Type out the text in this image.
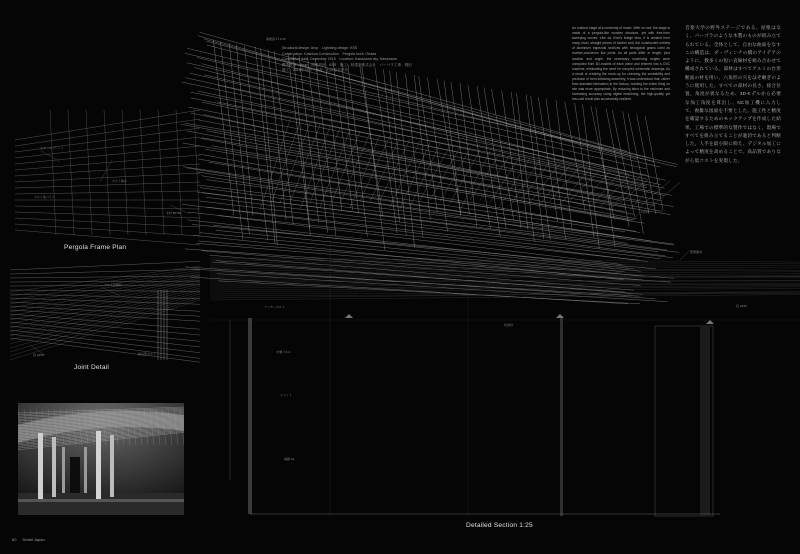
Structural design: Arup　Lightning design: KSS
Construction: Kashiwa Construction　Pergola work: Okada
Completion date: December 2015　Location: Kanazawa city, Kanazawa
構造設計：Arup　照明設計：KSS　施工：柏建設株式会社　パーゴラ工事：岡田
竣工：2015年12月　所在：石川県金沢市
An outdoor stage at a university of music. With no roof, the stage is made of a pergola-like wooden structure, yet with free-form sweeping curves. Like da Vinci's bridge idea, it is created from many short, straight pieces of lumber and, the constructed entirely of aluminum trapezoid sections with hexagonal grains used as mortise-and-tenon like joints. As all parts differ in length, joint location and angle, the necessary machining angles were computed from 3D-models of each piece and entered into a CNC machine, eliminating the need for complex schematic drawings. As a result of creating the mock-up for checking the workability and precision of form-following assembly, it was understood that, rather than standard fabrication in the factory, building the entire thing on site was more appropriate. By reducing labor to the minimum and increasing accuracy using digital machining, the high-quality yet low-cost result was successfully realized.
音楽大学の野外ステージである。屋根はなく、パーゴラのような木製のものが組み立てられている。全体として、自由な曲面をなすこの構造は、ダ・ヴィンチの橋のアイデアのように、数多くの短い直線材を組み合わせて構成されている。部材はすべてアルミの台形断面の材を用い、六角形の穴をほぞ継ぎのように使用した。すべての部材の長さ、接合位置、角度が異なるため、3Dモデルから必要な加工角度を算出し、NC加工機に入力して、複雑な図面を不要とした。施工性と精度を確認するためのモックアップを作成した結果、工場での標準的な製作ではなく、現場ですべてを組み立てることが適切であると判断した。人手を最小限に抑え、デジタル加工によって精度を高めることで、高品質でありながら低コストを実現した。
Pergola Frame Plan
Joint Detail
Detailed Section 1:25
屋根高 Ｈ 1:25
スチールプレート
ボルト締め
アルミ角パイプ
木材 60×60
アルミ台形材
接合部ボルト
柱 φ150
アンカーボルト
木製パネル
スリット
基礎 GL
化粧材
天井材
照明器具
柱 φ150
60 Detail Japan
